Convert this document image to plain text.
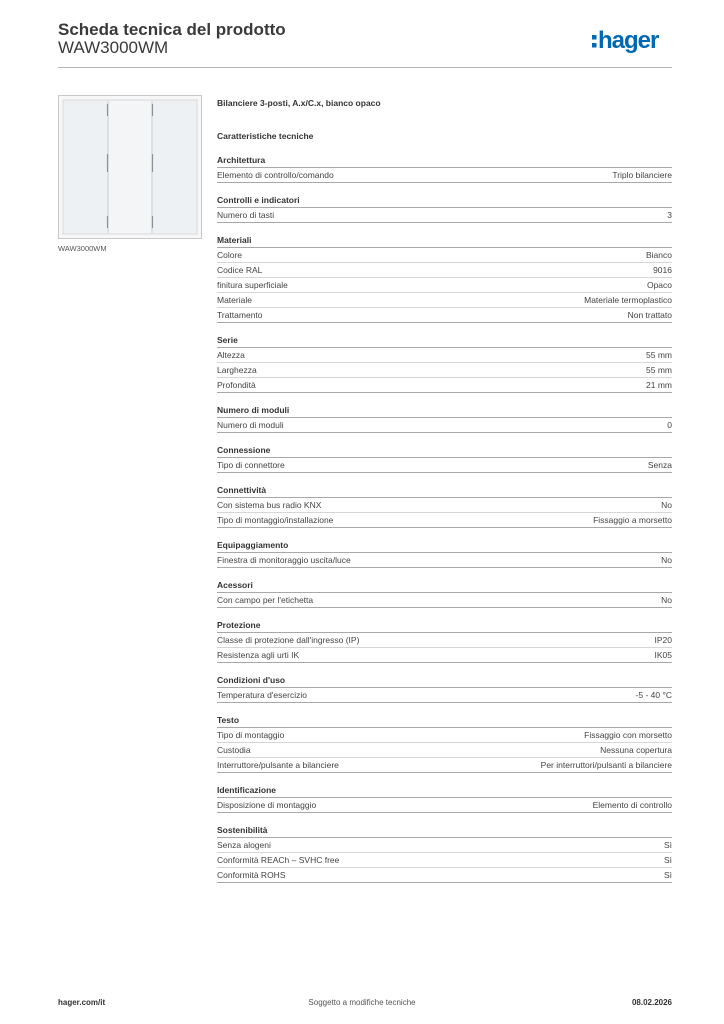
Scheda tecnica del prodotto
WAW3000WM	hager
WAW3000WM
Bilanciere 3-posti, A.x/C.x, bianco opaco
Caratteristiche tecniche
Architettura
Elemento di controllo/comando	Triplo bilanciere
Controlli e indicatori
Numero di tasti	3
Materiali
Colore	Bianco
Codice RAL	9016
finitura superficiale	Opaco
Materiale	Materiale termoplastico
Trattamento	Non trattato
Serie
Altezza	55 mm
Larghezza	55 mm
Profondità	21 mm
Numero di moduli
Numero di moduli	0
Connessione
Tipo di connettore	Senza
Connettività
Con sistema bus radio KNX	No
Tipo di montaggio/installazione	Fissaggio a morsetto
Equipaggiamento
Finestra di monitoraggio uscita/luce	No
Acessori
Con campo per l'etichetta	No
Protezione
Classe di protezione dall'ingresso (IP)	IP20
Resistenza agli urti IK	IK05
Condizioni d'uso
Temperatura d'esercizio	-5 - 40 °C
Testo
Tipo di montaggio	Fissaggio con morsetto
Custodia	Nessuna copertura
Interruttore/pulsante a bilanciere	Per interruttori/pulsanti a bilanciere
Identificazione
Disposizione di montaggio	Elemento di controllo
Sostenibilità
Senza alogeni	Sì
Conformità REACh – SVHC free	Sì
Conformità ROHS	Sì
hager.com/it	Soggetto a modifiche tecniche	08.02.2026
